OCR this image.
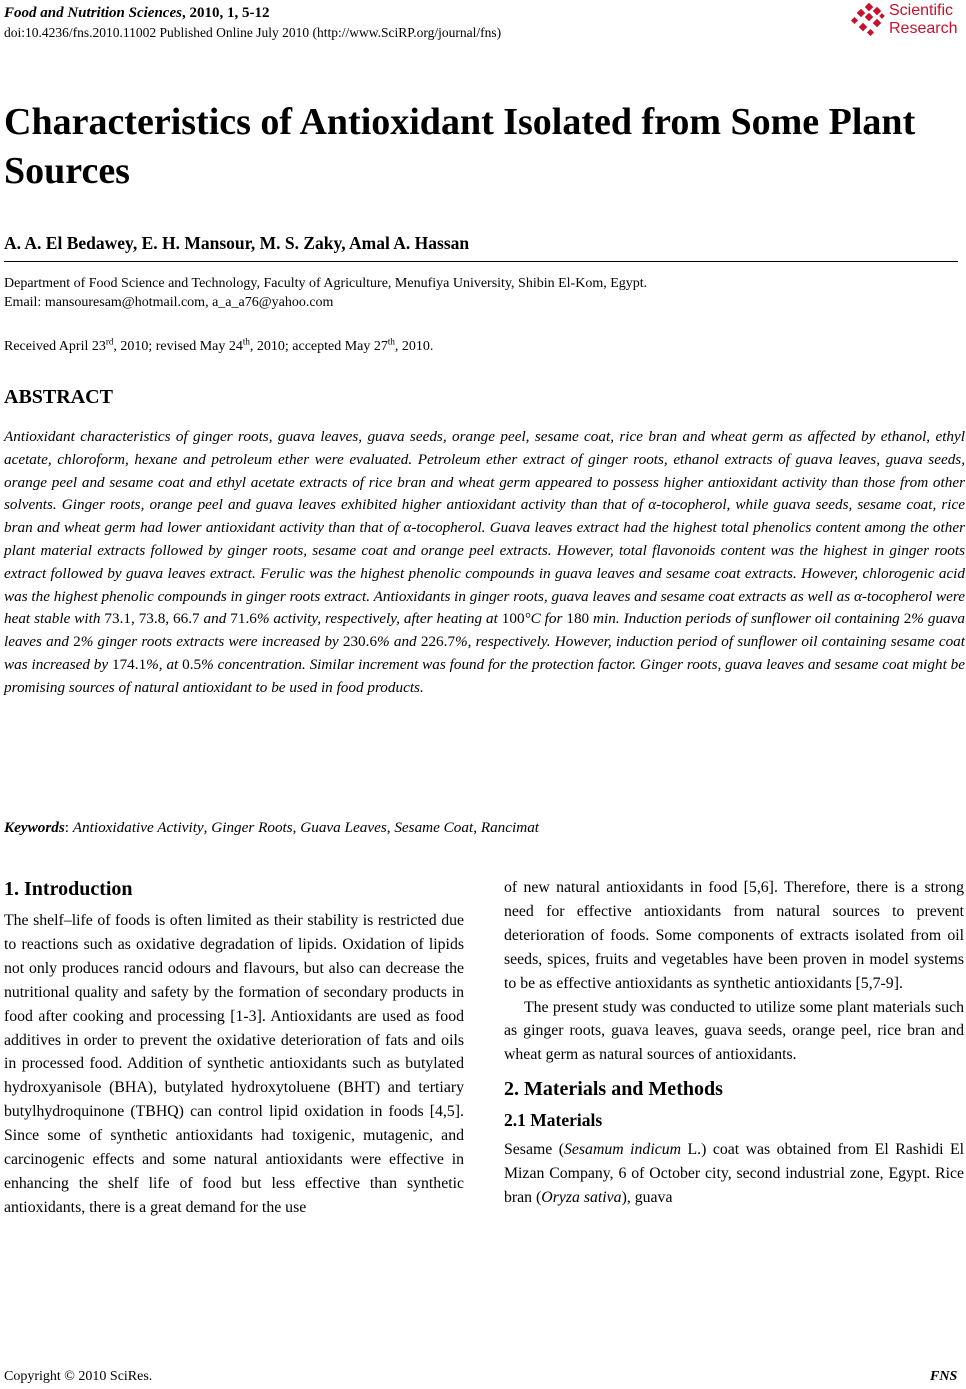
Food and Nutrition Sciences, 2010, 1, 5-12
doi:10.4236/fns.2010.11002 Published Online July 2010 (http://www.SciRP.org/journal/fns)
Scientific
Research
Characteristics of Antioxidant Isolated from Some Plant Sources
A. A. El Bedawey, E. H. Mansour, M. S. Zaky, Amal A. Hassan
Department of Food Science and Technology, Faculty of Agriculture, Menufiya University, Shibin El-Kom, Egypt.
Email: mansouresam@hotmail.com, a_a_a76@yahoo.com
Received April 23rd, 2010; revised May 24th, 2010; accepted May 27th, 2010.
ABSTRACT
Antioxidant characteristics of ginger roots, guava leaves, guava seeds, orange peel, sesame coat, rice bran and wheat germ as affected by ethanol, ethyl acetate, chloroform, hexane and petroleum ether were evaluated. Petroleum ether extract of ginger roots, ethanol extracts of guava leaves, guava seeds, orange peel and sesame coat and ethyl acetate extracts of rice bran and wheat germ appeared to possess higher antioxidant activity than those from other solvents. Ginger roots, orange peel and guava leaves exhibited higher antioxidant activity than that of α-tocopherol, while guava seeds, sesame coat, rice bran and wheat germ had lower antioxidant activity than that of α-tocopherol. Guava leaves extract had the highest total phenolics content among the other plant material extracts followed by ginger roots, sesame coat and orange peel extracts. However, total flavonoids content was the highest in ginger roots extract followed by guava leaves extract. Ferulic was the highest phenolic compounds in guava leaves and sesame coat extracts. However, chlorogenic acid was the highest phenolic compounds in ginger roots extract. Antioxidants in ginger roots, guava leaves and sesame coat extracts as well as α-tocopherol were heat stable with 73.1, 73.8, 66.7 and 71.6% activity, respectively, after heating at 100°C for 180 min. Induction periods of sunflower oil containing 2% guava leaves and 2% ginger roots extracts were increased by 230.6% and 226.7%, respectively. However, induction period of sunflower oil containing sesame coat was increased by 174.1%, at 0.5% concentration. Similar increment was found for the protection factor. Ginger roots, guava leaves and sesame coat might be promising sources of natural antioxidant to be used in food products.
Keywords: Antioxidative Activity, Ginger Roots, Guava Leaves, Sesame Coat, Rancimat
1. Introduction

The shelf–life of foods is often limited as their stability is restricted due to reactions such as oxidative degradation of lipids. Oxidation of lipids not only produces rancid odours and flavours, but also can decrease the nutritional quality and safety by the formation of secondary products in food after cooking and processing [1-3]. Antioxidants are used as food additives in order to prevent the oxidative deterioration of fats and oils in processed food. Addition of synthetic antioxidants such as butylated hydroxyanisole (BHA), butylated hydroxytoluene (BHT) and tertiary butylhydroquinone (TBHQ) can control lipid oxidation in foods [4,5]. Since some of synthetic antioxidants had toxigenic, mutagenic, and carcinogenic effects and some natural antioxidants were effective in enhancing the shelf life of food but less effective than synthetic antioxidants, there is a great demand for the use

of new natural antioxidants in food [5,6]. Therefore, there is a strong need for effective antioxidants from natural sources to prevent deterioration of foods. Some components of extracts isolated from oil seeds, spices, fruits and vegetables have been proven in model systems to be as effective antioxidants as synthetic antioxidants [5,7-9].

The present study was conducted to utilize some plant materials such as ginger roots, guava leaves, guava seeds, orange peel, rice bran and wheat germ as natural sources of antioxidants.

2. Materials and Methods
2.1 Materials

Sesame (Sesamum indicum L.) coat was obtained from El Rashidi El Mizan Company, 6 of October city, second industrial zone, Egypt. Rice bran (Oryza sativa), guava

Copyright © 2010 SciRes.	FNS
